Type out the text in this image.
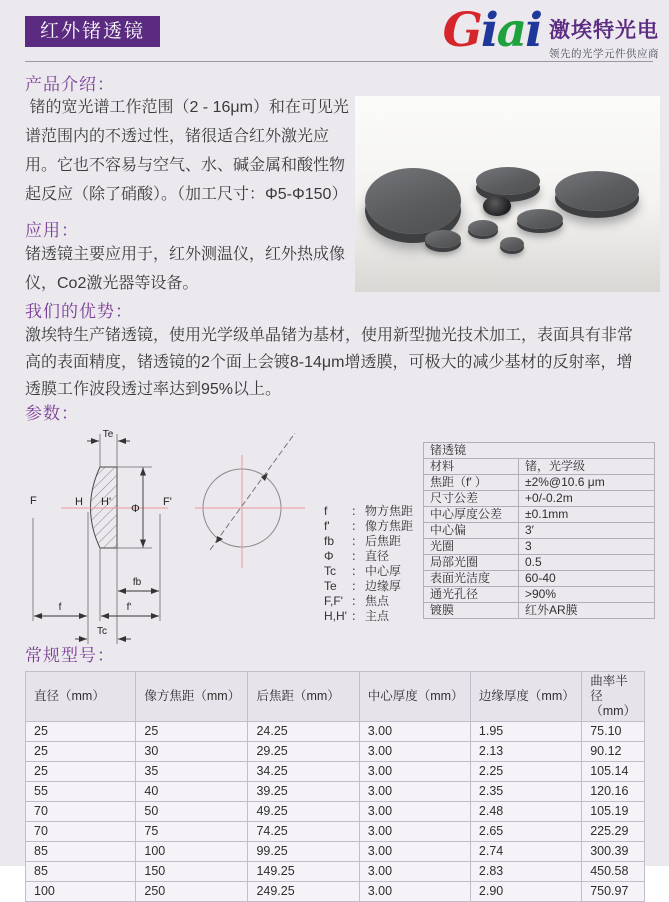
红外锗透镜	Giai 激埃特光电
领先的光学元件供应商
产品介绍：
锗的宽光谱工作范围（2 - 16μm）和在可见光谱范围内的不透过性，锗很适合红外激光应用。它也不容易与空气、水、碱金属和酸性物起反应（除了硝酸）。（加工尺寸：Φ5-Φ150）
应用：
锗透镜主要应用于，红外测温仪，红外热成像仪，Co2激光器等设备。
我们的优势：
激埃特生产锗透镜，使用光学级单晶锗为基材，使用新型抛光技术加工，表面具有非常高的表面精度，锗透镜的2个面上会镀8-14μm增透膜，可极大的减少基材的反射率，增透膜工作波段透过率达到95%以上。
参数：
Te
F	H H'
Φ
F'
fb
f'
f
Tc
f	： 物方焦距
f'	： 像方焦距
fb	： 后焦距
Φ	： 直径
Tc	： 中心厚
Te	： 边缘厚
F,F' ： 焦点
H,H' ： 主点
锗透镜	
材料	锗，光学级
焦距（f′ ）	±2%@10.6 μm
尺寸公差	+0/-0.2m
中心厚度公差	±0.1mm
中心偏	3′
光圈	3
局部光圈	0.5
表面光洁度	60-40
通光孔径	>90%
镀膜	红外AR膜
常规型号：
直径（mm）	像方焦距（mm）	后焦距（mm）	中心厚度（mm）	边缘厚度（mm）	曲率半径（mm）
25	25	24.25	3.00	1.95	75.10
25	30	29.25	3.00	2.13	90.12
25	35	34.25	3.00	2.25	105.14
55	40	39.25	3.00	2.35	120.16
70	50	49.25	3.00	2.48	105.19
70	75	74.25	3.00	2.65	225.29
85	100	99.25	3.00	2.74	300.39
85	150	149.25	3.00	2.83	450.58
100	250	249.25	3.00	2.90	750.97
